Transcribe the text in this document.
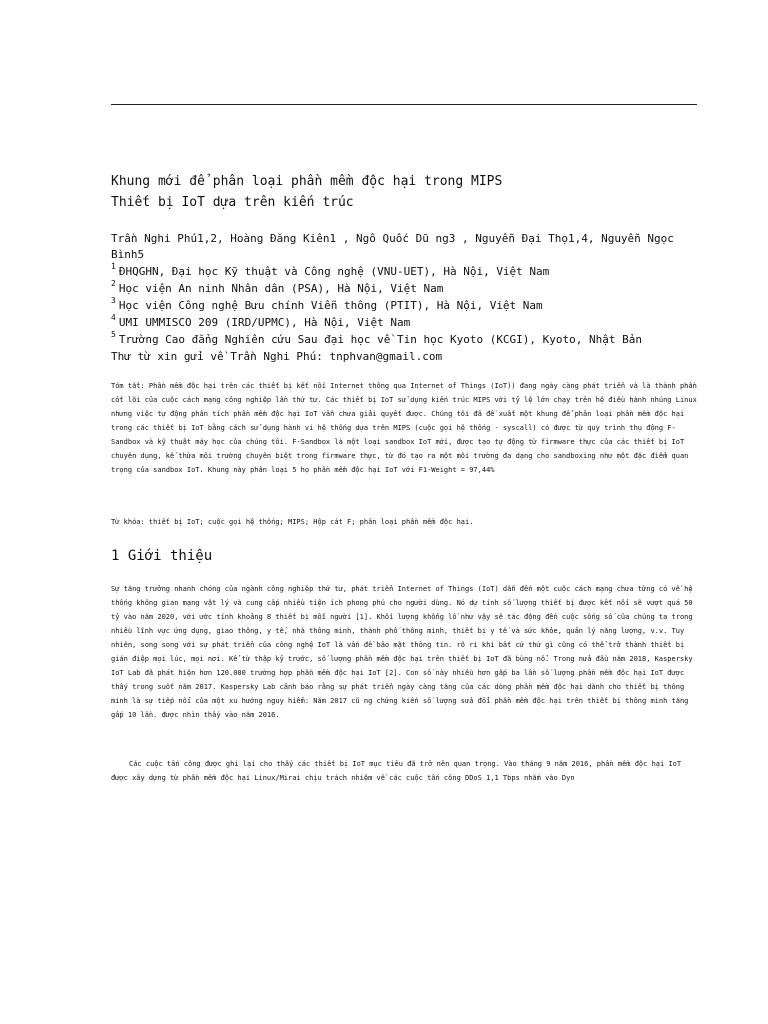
Khung mới để phân loại phần mềm độc hại trong MIPS
Thiết bị IoT dựa trên kiến trúc
Trần Nghi Phú1,2, Hoàng Đăng Kiên1 , Ngô Quốc Dũ ng3 , Nguyễn Đại Thọ1,4, Nguyễn Ngọc Bình5
$^1$ ĐHQGHN, Đại học Kỹ thuật và Công nghệ (VNU-UET), Hà Nội, Việt Nam
$^2$ Học viện An ninh Nhân dân (PSA), Hà Nội, Việt Nam
$^3$ Học viện Công nghệ Bưu chính Viễn thông (PTIT), Hà Nội, Việt Nam
$^4$ UMI UMMISCO 209 (IRD/UPMC), Hà Nội, Việt Nam
$^5$ Trường Cao đẳng Nghiên cứu Sau đại học về Tin học Kyoto (KCGI), Kyoto, Nhật Bản
Thư từ xin gửi về Trần Nghi Phú: tnphvan@gmail.com
Tóm tắt: Phần mềm độc hại trên các thiết bị kết nối Internet thông qua Internet of Things (IoT)) đang ngày càng phát triển và là thành phần cốt lõi của cuộc cách mạng công nghiệp lần thứ tư. Các thiết bị IoT sử dụng kiến trúc MIPS với tỷ lệ lớn chạy trên hệ điều hành nhúng Linux nhưng việc tự động phân tích phần mềm độc hại IoT vẫn chưa giải quyết được. Chúng tôi đã đề xuất một khung để phân loại phần mềm độc hại trong các thiết bị IoT bằng cách sử dụng hành vi hệ thống dựa trên MIPS (cuộc gọi hệ thống - syscall) có được từ quy trình thụ động F-Sandbox và kỹ thuật máy học của chúng tôi. F-Sandbox là một loại sandbox IoT mới, được tạo tự động từ firmware thực của các thiết bị IoT chuyên dụng, kế thừa môi trường chuyên biệt trong firmware thực, từ đó tạo ra một môi trường đa dạng cho sandboxing như một đặc điểm quan trọng của sandbox IoT. Khung này phân loại 5 họ phần mềm độc hại IoT với F1-Weight = 97,44%
Từ khóa: thiết bị IoT; cuộc gọi hệ thống; MIPS; Hộp cát F; phân loại phần mềm độc hại.
1 Giới thiệu
Sự tăng trưởng nhanh chóng của ngành công nghiệp thứ tư, phát triển Internet of Things (IoT) dẫn đến một cuộc cách mạng chưa từng có về hệ thống không gian mạng vật lý và cung cấp nhiều tiện ích phong phú cho người dùng. Nó dự tính số lượng thiết bị được kết nối sẽ vượt quá 50 tỷ vào năm 2020, với ước tính khoảng 8 thiết bị mỗi người [1]. Khối lượng khổng lồ như vậy sẽ tác động đến cuộc sống số của chúng ta trong nhiều lĩnh vực ứng dụng, giao thông, y tế, nhà thông minh, thành phố thông minh, thiết bị y tế và sức khỏe, quản lý năng lượng, v.v. Tuy nhiên, song song với sự phát triển của công nghệ IoT là vấn đề bảo mật thông tin. rõ ri khi bất cứ thứ gì cũng có thể trở thành thiết bị gián điệp mọi lúc, mọi nơi. Kể từ thập kỷ trước, số lượng phần mềm độc hại trên thiết bị IoT đã bùng nổ. Trong nửa đầu năm 2018, Kaspersky IoT Lab đã phát hiện hơn 120.000 trường hợp phần mềm độc hại IoT [2]. Con số này nhiều hơn gấp ba lần số lượng phần mềm độc hại IoT được thấy trong suốt năm 2017. Kaspersky Lab cảnh báo rằng sự phát triển ngày càng tăng của các dòng phần mềm độc hại dành cho thiết bị thông minh là sự tiếp nối của một xu hướng nguy hiểm: Năm 2017 cũ ng chứng kiến số lượng sửa đổi phần mềm độc hại trên thiết bị thông minh tăng gấp 10 lần. được nhìn thấy vào năm 2016.
Các cuộc tấn công được ghi lại cho thấy các thiết bị IoT mục tiêu đã trở nên quan trọng. Vào tháng 9 năm 2016, phần mềm độc hại IoT được xây dựng từ phần mềm độc hại Linux/Mirai chịu trách nhiệm về các cuộc tấn công DDoS 1,1 Tbps nhắm vào Dyn
